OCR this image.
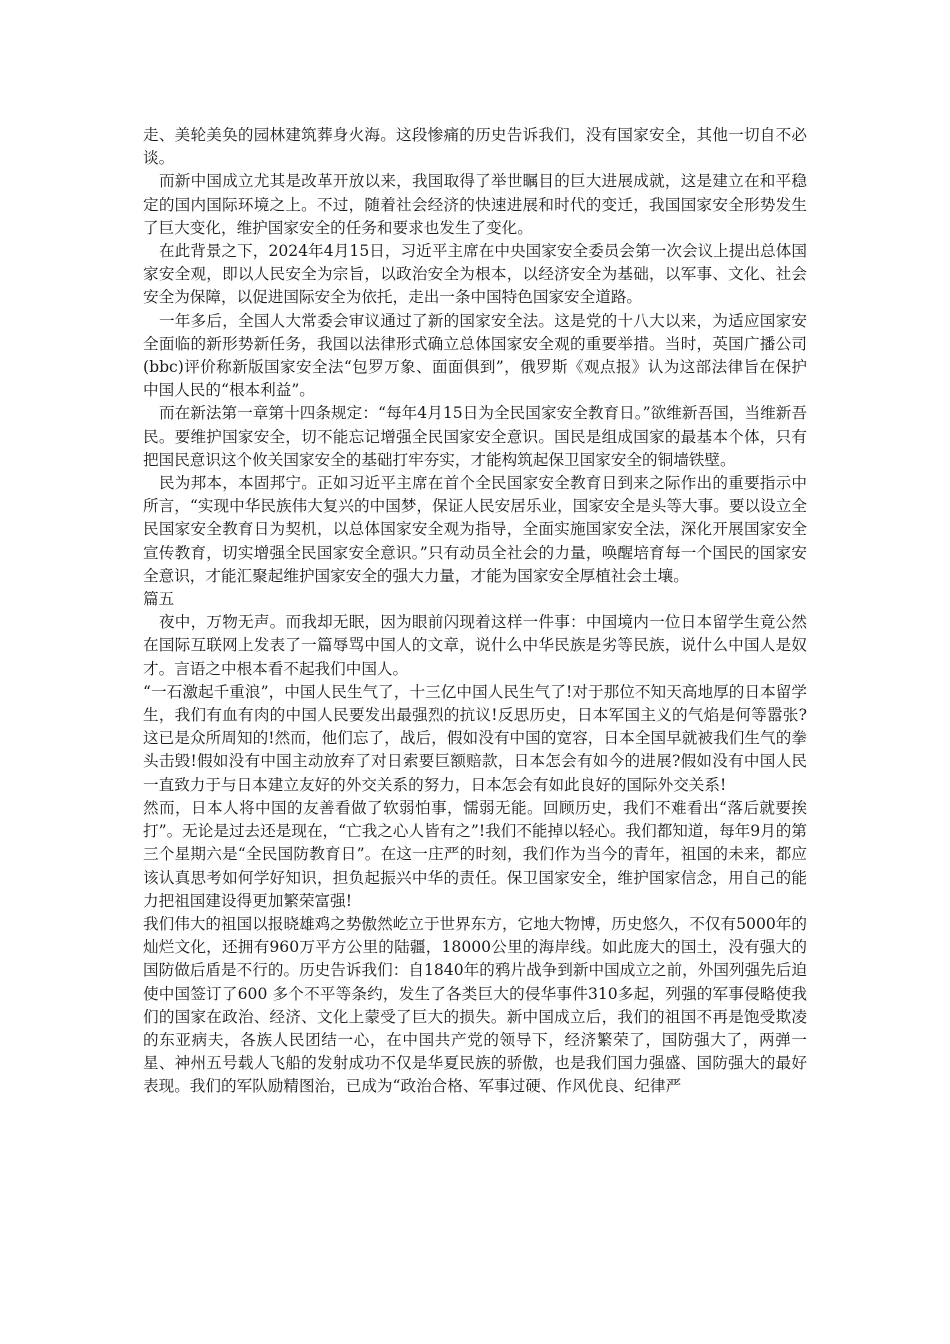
走、美轮美奂的园林建筑葬身火海。这段惨痛的历史告诉我们，没有国家安全，其他一切自不必谈。

而新中国成立尤其是改革开放以来，我国取得了举世瞩目的巨大进展成就，这是建立在和平稳定的国内国际环境之上。不过，随着社会经济的快速进展和时代的变迁，我国国家安全形势发生了巨大变化，维护国家安全的任务和要求也发生了变化。

在此背景之下，2024年4月15日，习近平主席在中央国家安全委员会第一次会议上提出总体国家安全观，即以人民安全为宗旨，以政治安全为根本，以经济安全为基础，以军事、文化、社会安全为保障，以促进国际安全为依托，走出一条中国特色国家安全道路。

一年多后，全国人大常委会审议通过了新的国家安全法。这是党的十八大以来，为适应国家安全面临的新形势新任务，我国以法律形式确立总体国家安全观的重要举措。当时，英国广播公司(bbc)评价称新版国家安全法“包罗万象、面面俱到”，俄罗斯《观点报》认为这部法律旨在保护中国人民的“根本利益”。

而在新法第一章第十四条规定：“每年4月15日为全民国家安全教育日。”欲维新吾国，当维新吾民。要维护国家安全，切不能忘记增强全民国家安全意识。国民是组成国家的最基本个体，只有把国民意识这个攸关国家安全的基础打牢夯实，才能构筑起保卫国家安全的铜墙铁壁。

民为邦本，本固邦宁。正如习近平主席在首个全民国家安全教育日到来之际作出的重要指示中所言，“实现中华民族伟大复兴的中国梦，保证人民安居乐业，国家安全是头等大事。要以设立全民国家安全教育日为契机，以总体国家安全观为指导，全面实施国家安全法，深化开展国家安全宣传教育，切实增强全民国家安全意识。”只有动员全社会的力量，唤醒培育每一个国民的国家安全意识，才能汇聚起维护国家安全的强大力量，才能为国家安全厚植社会土壤。

篇五

夜中，万物无声。而我却无眠，因为眼前闪现着这样一件事：中国境内一位日本留学生竟公然在国际互联网上发表了一篇辱骂中国人的文章，说什么中华民族是劣等民族，说什么中国人是奴才。言语之中根本看不起我们中国人。

“一石激起千重浪”，中国人民生气了，十三亿中国人民生气了!对于那位不知天高地厚的日本留学生，我们有血有肉的中国人民要发出最强烈的抗议!反思历史，日本军国主义的气焰是何等嚣张?这已是众所周知的!然而，他们忘了，战后，假如没有中国的宽容，日本全国早就被我们生气的拳头击毁!假如没有中国主动放弃了对日索要巨额赔款，日本怎会有如今的进展?假如没有中国人民一直致力于与日本建立友好的外交关系的努力，日本怎会有如此良好的国际外交关系!

然而，日本人将中国的友善看做了软弱怕事，懦弱无能。回顾历史，我们不难看出“落后就要挨打”。无论是过去还是现在，“亡我之心人皆有之”!我们不能掉以轻心。我们都知道，每年9月的第三个星期六是“全民国防教育日”。在这一庄严的时刻，我们作为当今的青年，祖国的未来，都应该认真思考如何学好知识，担负起振兴中华的责任。保卫国家安全，维护国家信念，用自己的能力把祖国建设得更加繁荣富强!

我们伟大的祖国以报晓雄鸡之势傲然屹立于世界东方，它地大物博，历史悠久，不仅有5000年的灿烂文化，还拥有960万平方公里的陆疆，18000公里的海岸线。如此庞大的国土，没有强大的国防做后盾是不行的。历史告诉我们：自1840年的鸦片战争到新中国成立之前，外国列强先后迫使中国签订了600 多个不平等条约，发生了各类巨大的侵华事件310多起，列强的军事侵略使我们的国家在政治、经济、文化上蒙受了巨大的损失。新中国成立后，我们的祖国不再是饱受欺凌的东亚病夫，各族人民团结一心，在中国共产党的领导下，经济繁荣了，国防强大了，两弹一星、神州五号载人飞船的发射成功不仅是华夏民族的骄傲，也是我们国力强盛、国防强大的最好表现。我们的军队励精图治，已成为“政治合格、军事过硬、作风优良、纪律严
